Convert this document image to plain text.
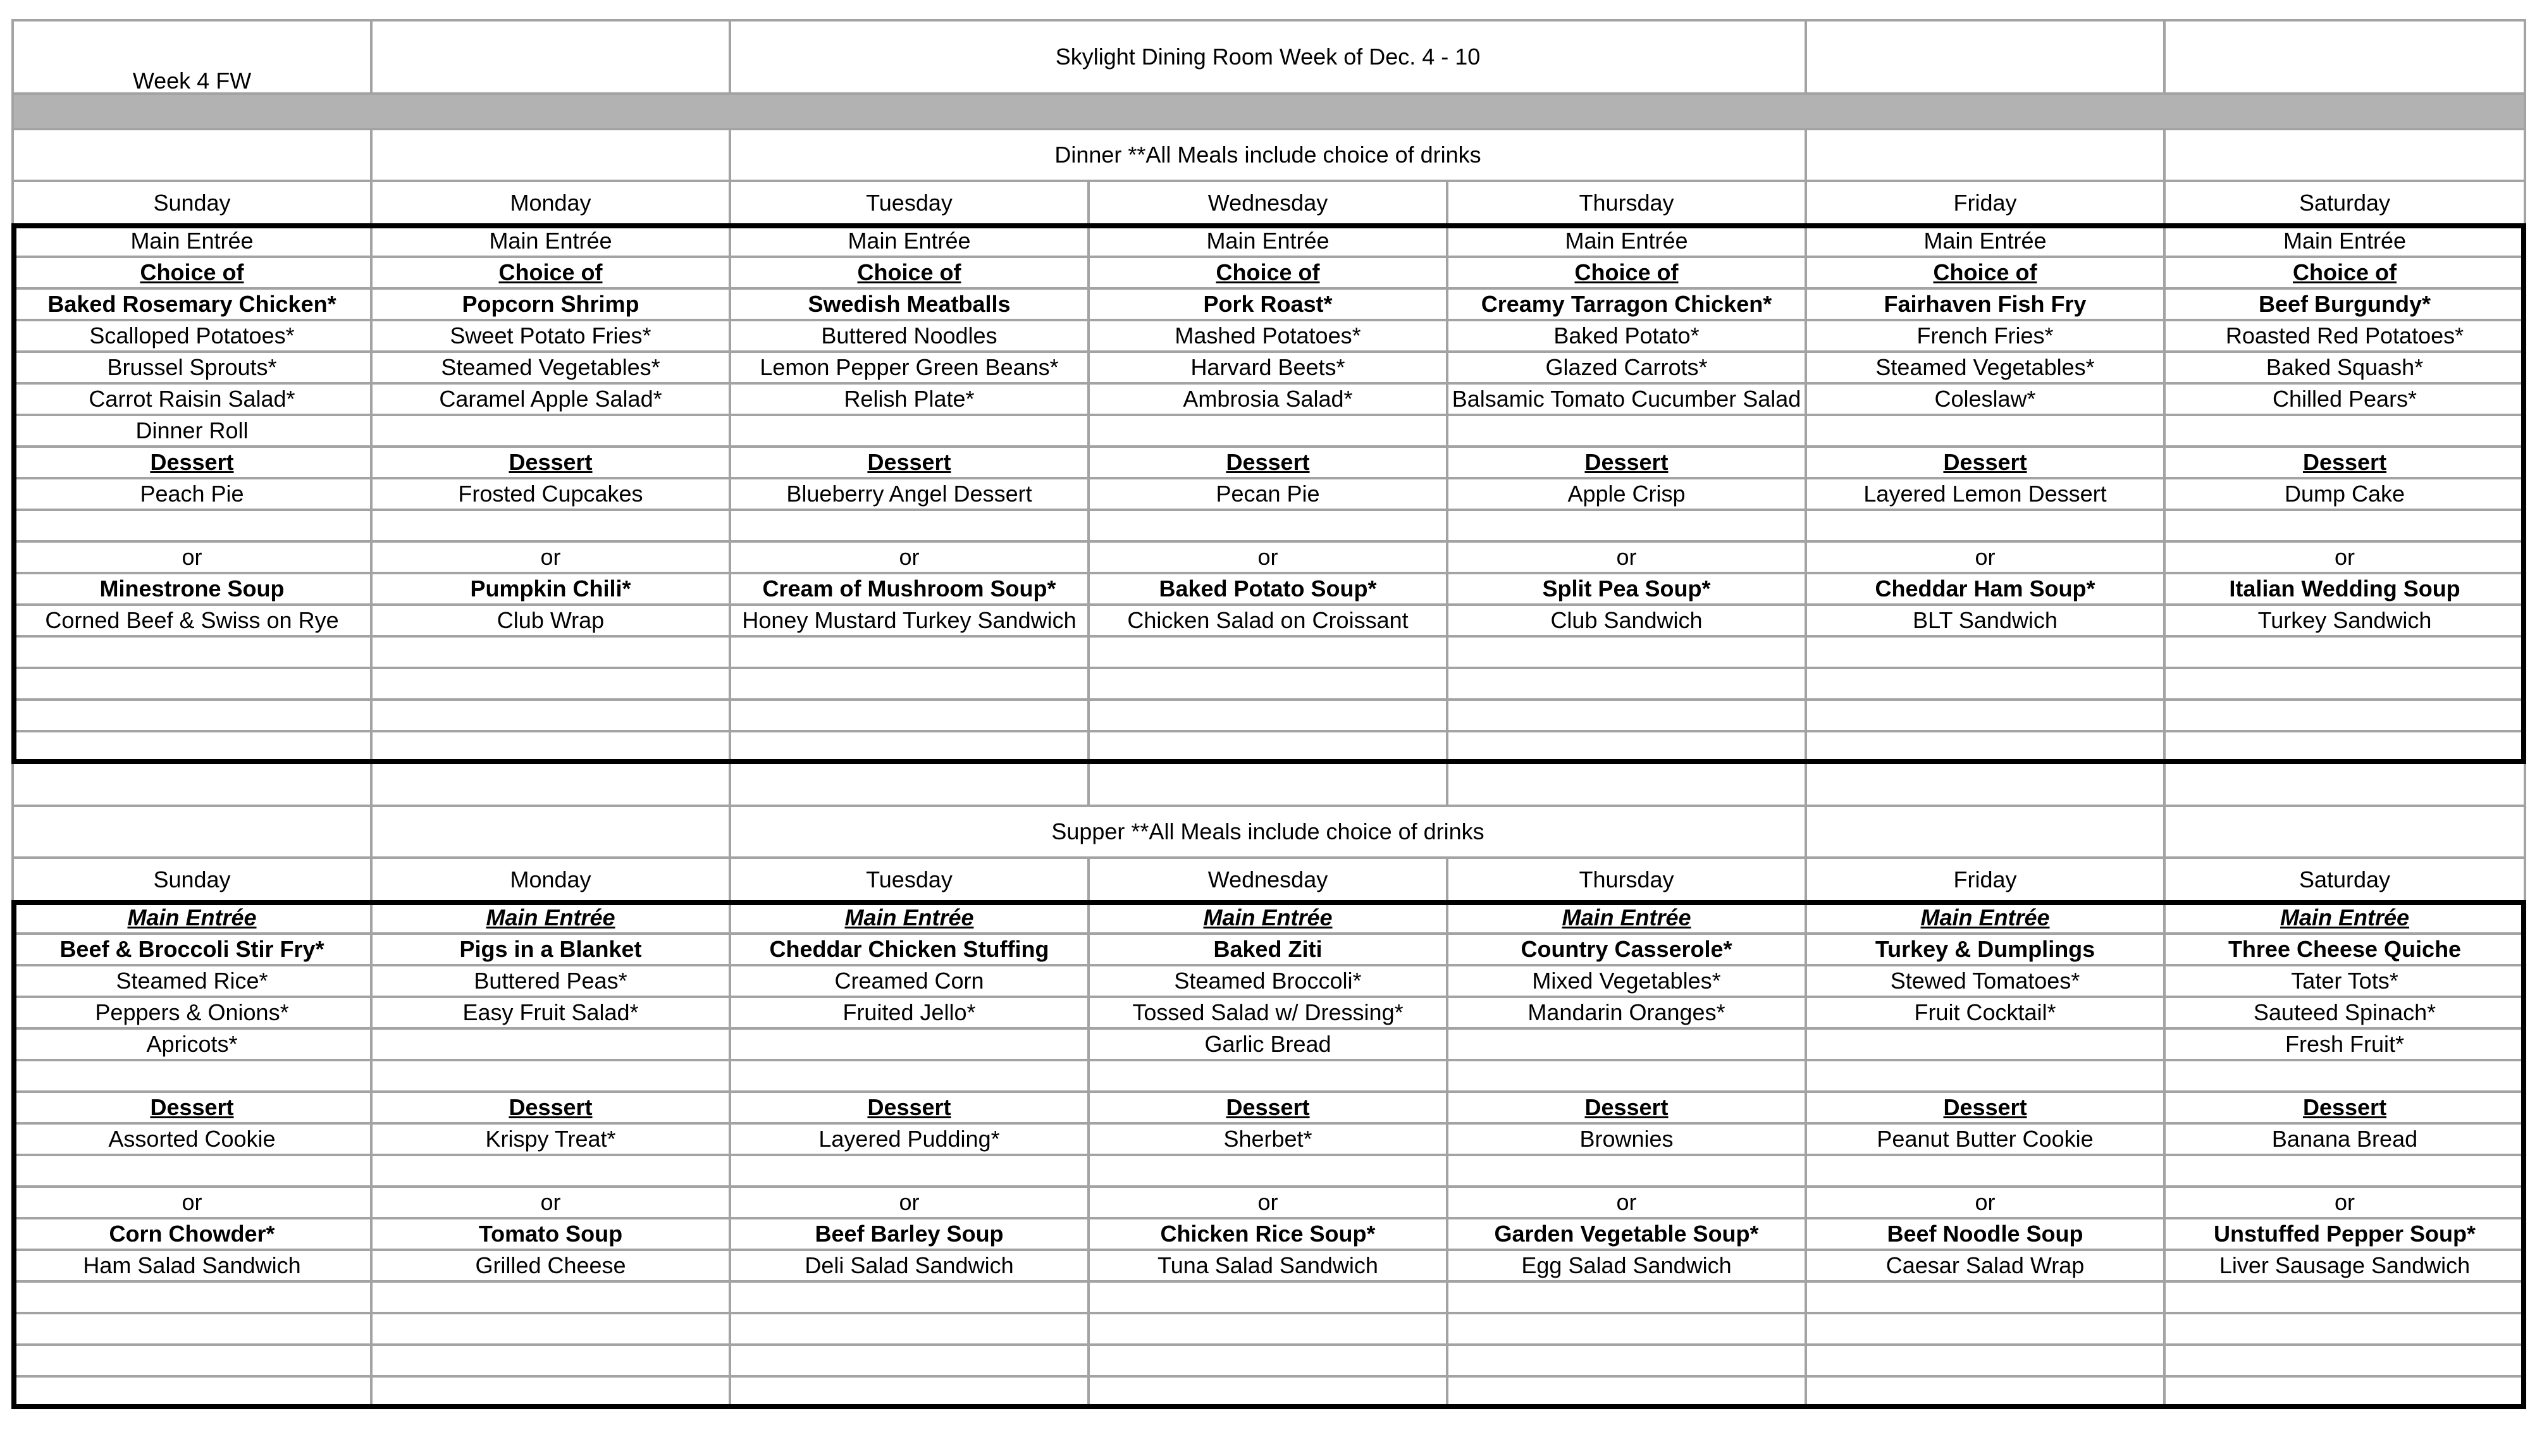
Week 4 FW		Skylight Dining Room Week of Dec. 4 - 10				

		Dinner **All Meals include choice of drinks				
Sunday	Monday	Tuesday	Wednesday	Thursday	Friday	Saturday
Main Entrée	Main Entrée	Main Entrée	Main Entrée	Main Entrée	Main Entrée	Main Entrée
Choice of	Choice of	Choice of	Choice of	Choice of	Choice of	Choice of
Baked Rosemary Chicken*	Popcorn Shrimp	Swedish Meatballs	Pork Roast*	Creamy Tarragon Chicken*	Fairhaven Fish Fry	Beef Burgundy*
Scalloped Potatoes*	Sweet Potato Fries*	Buttered Noodles	Mashed Potatoes*	Baked Potato*	French Fries*	Roasted Red Potatoes*
Brussel Sprouts*	Steamed Vegetables*	Lemon Pepper Green Beans*	Harvard Beets*	Glazed Carrots*	Steamed Vegetables*	Baked Squash*
Carrot Raisin Salad*	Caramel Apple Salad*	Relish Plate*	Ambrosia Salad*	Balsamic Tomato Cucumber Salad	Coleslaw*	Chilled Pears*
Dinner Roll						
Dessert	Dessert	Dessert	Dessert	Dessert	Dessert	Dessert
Peach Pie	Frosted Cupcakes	Blueberry Angel Dessert	Pecan Pie	Apple Crisp	Layered Lemon Dessert	Dump Cake

or	or	or	or	or	or	or
Minestrone Soup	Pumpkin Chili*	Cream of Mushroom Soup*	Baked Potato Soup*	Split Pea Soup*	Cheddar Ham Soup*	Italian Wedding Soup
Corned Beef & Swiss on Rye	Club Wrap	Honey Mustard Turkey Sandwich	Chicken Salad on Croissant	Club Sandwich	BLT Sandwich	Turkey Sandwich

		Supper **All Meals include choice of drinks				
Sunday	Monday	Tuesday	Wednesday	Thursday	Friday	Saturday
Main Entrée	Main Entrée	Main Entrée	Main Entrée	Main Entrée	Main Entrée	Main Entrée
Beef & Broccoli Stir Fry*	Pigs in a Blanket	Cheddar Chicken Stuffing	Baked Ziti	Country Casserole*	Turkey & Dumplings	Three Cheese Quiche
Steamed Rice*	Buttered Peas*	Creamed Corn	Steamed Broccoli*	Mixed Vegetables*	Stewed Tomatoes*	Tater Tots*
Peppers & Onions*	Easy Fruit Salad*	Fruited Jello*	Tossed Salad w/ Dressing*	Mandarin Oranges*	Fruit Cocktail*	Sauteed Spinach*
Apricots*			Garlic Bread			Fresh Fruit*

Dessert	Dessert	Dessert	Dessert	Dessert	Dessert	Dessert
Assorted Cookie	Krispy Treat*	Layered Pudding*	Sherbet*	Brownies	Peanut Butter Cookie	Banana Bread

or	or	or	or	or	or	or
Corn Chowder*	Tomato Soup	Beef Barley Soup	Chicken Rice Soup*	Garden Vegetable Soup*	Beef Noodle Soup	Unstuffed Pepper Soup*
Ham Salad Sandwich	Grilled Cheese	Deli Salad Sandwich	Tuna Salad Sandwich	Egg Salad Sandwich	Caesar Salad Wrap	Liver Sausage Sandwich
